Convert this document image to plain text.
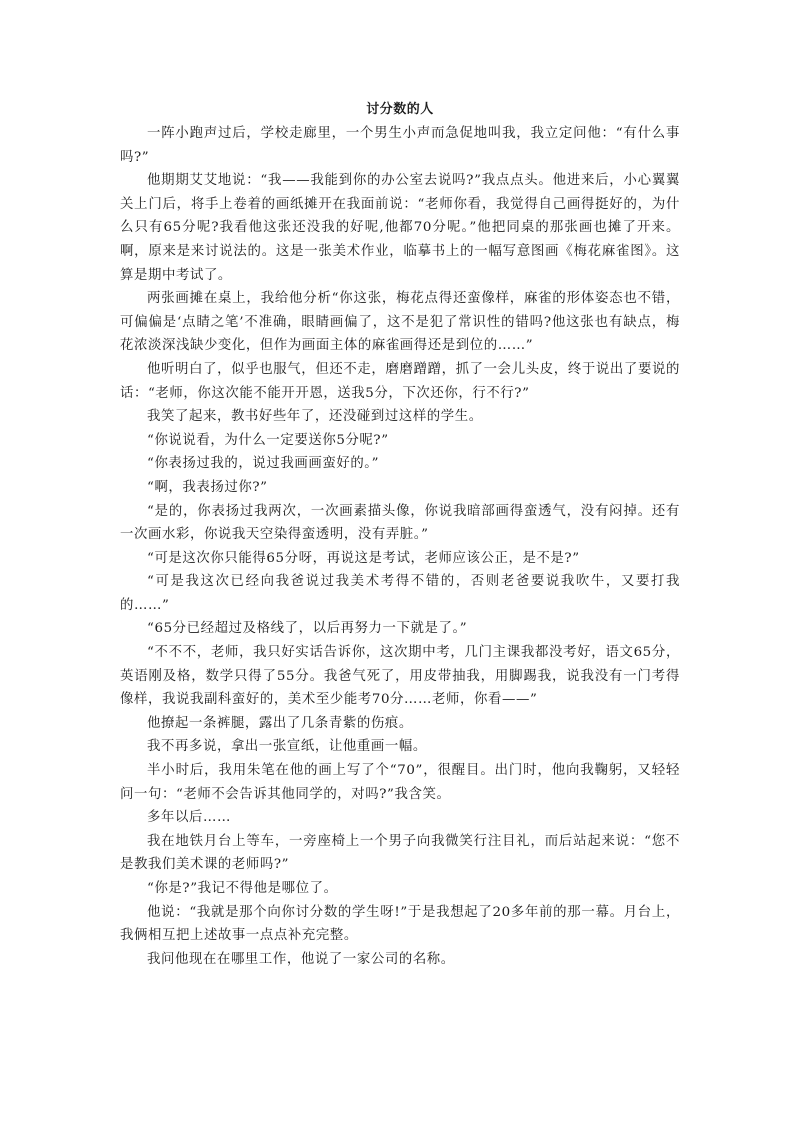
讨分数的人

一阵小跑声过后，学校走廊里，一个男生小声而急促地叫我，我立定问他：“有什么事吗?”

他期期艾艾地说：“我——我能到你的办公室去说吗?”我点点头。他进来后，小心翼翼关上门后，将手上卷着的画纸摊开在我面前说：“老师你看，我觉得自己画得挺好的，为什么只有65分呢?我看他这张还没我的好呢,他都70分呢。”他把同桌的那张画也摊了开来。啊，原来是来讨说法的。这是一张美术作业，临摹书上的一幅写意图画《梅花麻雀图》。这算是期中考试了。

两张画摊在桌上，我给他分析“你这张，梅花点得还蛮像样，麻雀的形体姿态也不错，可偏偏是‘点睛之笔’不准确，眼睛画偏了，这不是犯了常识性的错吗?他这张也有缺点，梅花浓淡深浅缺少变化，但作为画面主体的麻雀画得还是到位的……”

他听明白了，似乎也服气，但还不走，磨磨蹭蹭，抓了一会儿头皮，终于说出了要说的话：“老师，你这次能不能开开恩，送我5分，下次还你，行不行?”

我笑了起来，教书好些年了，还没碰到过这样的学生。

“你说说看，为什么一定要送你5分呢?”

“你表扬过我的，说过我画画蛮好的。”

“啊，我表扬过你?”

“是的，你表扬过我两次，一次画素描头像，你说我暗部画得蛮透气，没有闷掉。还有一次画水彩，你说我天空染得蛮透明，没有弄脏。”

“可是这次你只能得65分呀，再说这是考试，老师应该公正，是不是?”

“可是我这次已经向我爸说过我美术考得不错的，否则老爸要说我吹牛，又要打我的……”

“65分已经超过及格线了，以后再努力一下就是了。”

“不不不，老师，我只好实话告诉你，这次期中考，几门主课我都没考好，语文65分，英语刚及格，数学只得了55分。我爸气死了，用皮带抽我，用脚踢我，说我没有一门考得像样，我说我副科蛮好的，美术至少能考70分……老师，你看——”

他撩起一条裤腿，露出了几条青紫的伤痕。

我不再多说，拿出一张宣纸，让他重画一幅。

半小时后，我用朱笔在他的画上写了个“70”，很醒目。出门时，他向我鞠躬，又轻轻问一句：“老师不会告诉其他同学的，对吗?”我含笑。

多年以后……

我在地铁月台上等车，一旁座椅上一个男子向我微笑行注目礼，而后站起来说：“您不是教我们美术课的老师吗?”

“你是?”我记不得他是哪位了。

他说：“我就是那个向你讨分数的学生呀!”于是我想起了20多年前的那一幕。月台上，我俩相互把上述故事一点点补充完整。

我问他现在在哪里工作，他说了一家公司的名称。
